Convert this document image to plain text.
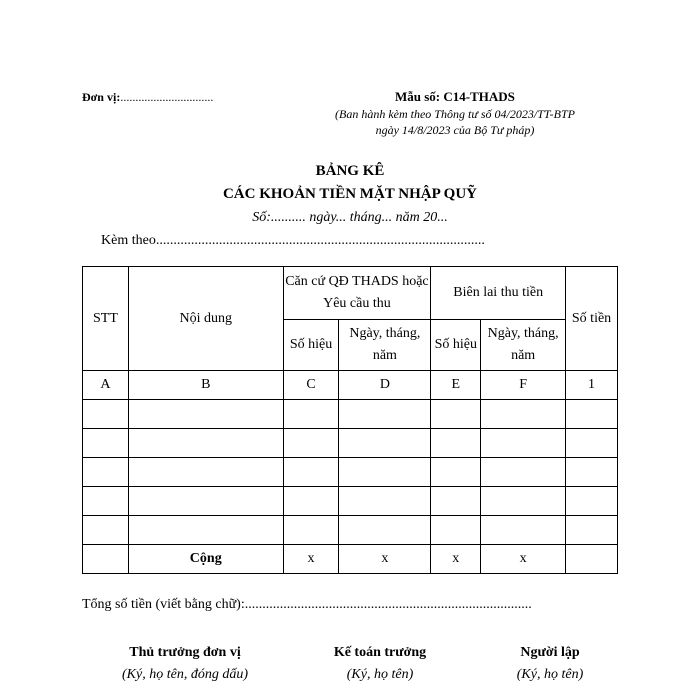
Đơn vị:...............................	Mẫu số: C14-THADS
(Ban hành kèm theo Thông tư số 04/2023/TT-BTP
ngày 14/8/2023 của Bộ Tư pháp)
BẢNG KÊ
CÁC KHOẢN TIỀN MẶT NHẬP QUỸ
Số:.......... ngày... tháng... năm 20...
Kèm theo..............................................................................................
STT	Nội dung	Căn cứ QĐ THADS hoặc Yêu cầu thu		Biên lai thu tiền		Số tiền
		Số hiệu	Ngày, tháng, năm	Số hiệu	Ngày, tháng, năm	
A	B	C	D	E	F	1

	Cộng	x	x	x	x	
Tổng số tiền (viết bằng chữ):..................................................................................
Thủ trưởng đơn vị
(Ký, họ tên, đóng dấu)
Kế toán trưởng
(Ký, họ tên)
Người lập
(Ký, họ tên)
